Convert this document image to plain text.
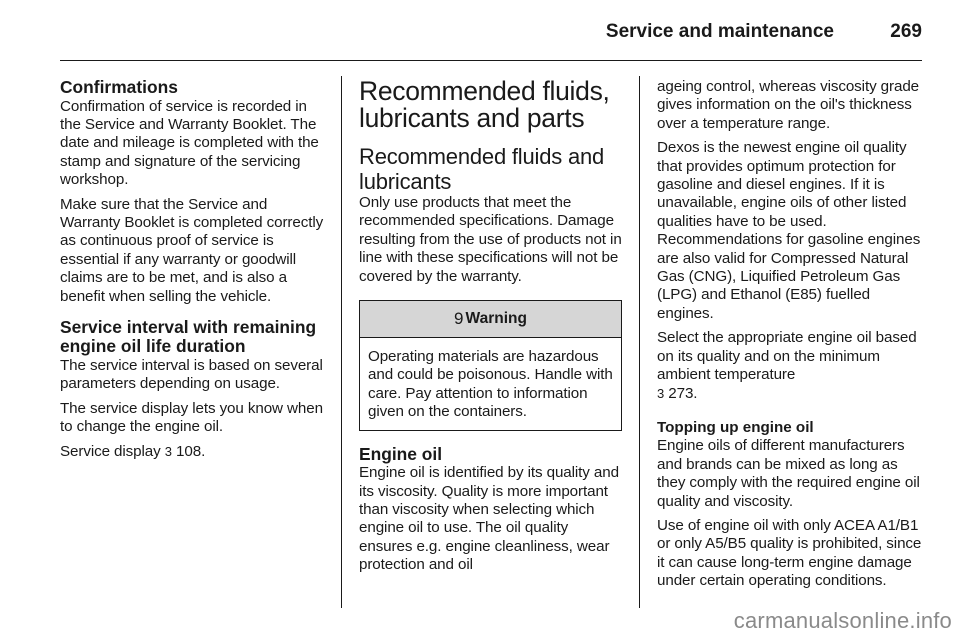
Service and maintenance	269
Confirmations

Confirmation of service is recorded in the Service and Warranty Booklet. The date and mileage is completed with the stamp and signature of the servicing workshop.

Make sure that the Service and Warranty Booklet is completed correctly as continuous proof of service is essential if any warranty or goodwill claims are to be met, and is also a benefit when selling the vehicle.

Service interval with remaining engine oil life duration

The service interval is based on several parameters depending on usage.

The service display lets you know when to change the engine oil.

Service display 3 108.

Recommended fluids, lubricants and parts
Recommended fluids and lubricants

Only use products that meet the recommended specifications. Damage resulting from the use of products not in line with these specifications will not be covered by the warranty.

9 Warning

Operating materials are hazardous and could be poisonous. Handle with care. Pay attention to information given on the containers.

Engine oil

Engine oil is identified by its quality and its viscosity. Quality is more important than viscosity when selecting which engine oil to use. The oil quality ensures e.g. engine cleanliness, wear protection and oil

ageing control, whereas viscosity grade gives information on the oil's thickness over a temperature range.

Dexos is the newest engine oil quality that provides optimum protection for gasoline and diesel engines. If it is unavailable, engine oils of other listed qualities have to be used. Recommendations for gasoline engines are also valid for Compressed Natural Gas (CNG), Liquified Petroleum Gas (LPG) and Ethanol (E85) fuelled engines.

Select the appropriate engine oil based on its quality and on the minimum ambient temperature
3 273.

Topping up engine oil

Engine oils of different manufacturers and brands can be mixed as long as they comply with the required engine oil quality and viscosity.

Use of engine oil with only ACEA A1/B1 or only A5/B5 quality is prohibited, since it can cause long-term engine damage under certain operating conditions.

carmanualsonline.info
